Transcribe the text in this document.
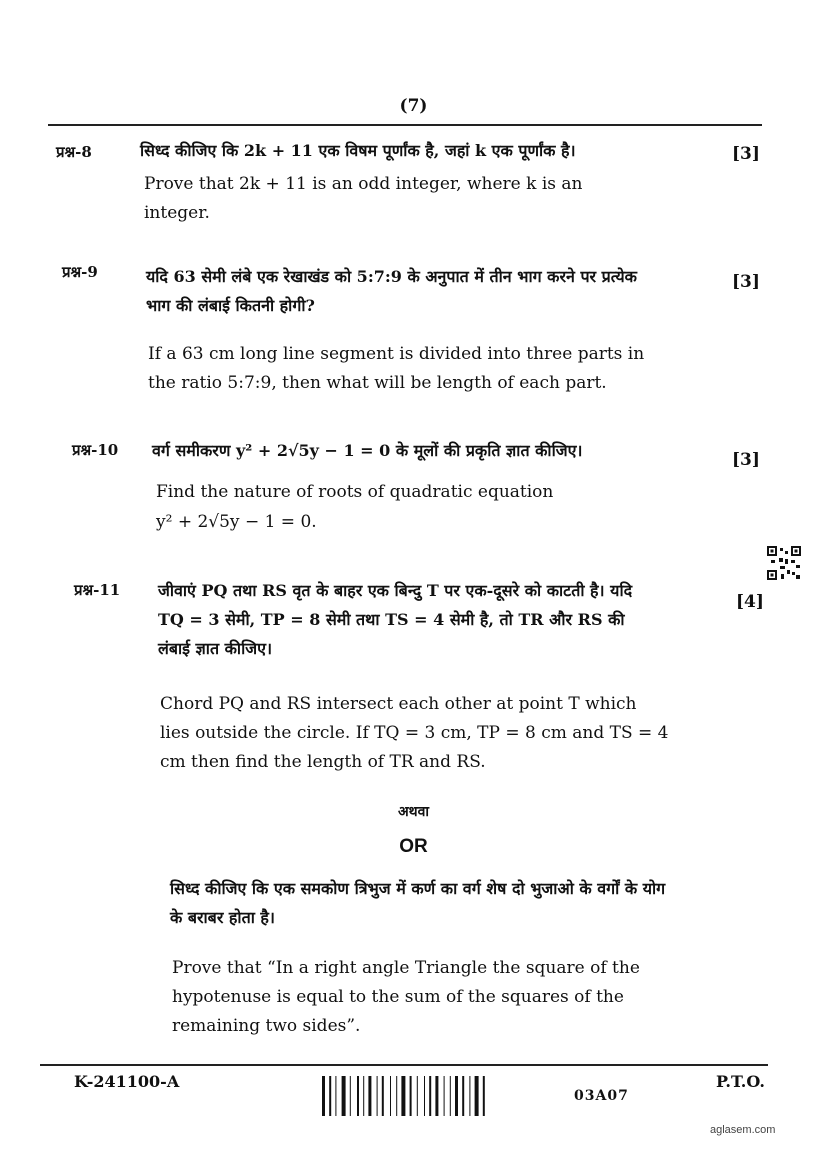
(7)
प्रश्न-8	सिध्द कीजिए कि 2k + 11 एक विषम पूर्णांक है, जहां k एक पूर्णांक है।
Prove that 2k + 11 is an odd integer, where k is an integer.
[3]
प्रश्न-9	यदि 63 सेमी लंबे एक रेखाखंड को 5:7:9 के अनुपात में तीन भाग करने पर प्रत्येक भाग की लंबाई कितनी होगी?
If a 63 cm long line segment is divided into three parts in the ratio 5:7:9, then what will be length of each part.
[3]
प्रश्न-10 वर्ग समीकरण y² + 2√5y − 1 = 0 के मूलों की प्रकृति ज्ञात कीजिए।
Find the nature of roots of quadratic equation
y² + 2√5y − 1 = 0.
[3]
प्रश्न-11 जीवाएं PQ तथा RS वृत के बाहर एक बिन्दु T पर एक-दूसरे को काटती है। यदि TQ = 3 सेमी, TP = 8 सेमी तथा TS = 4 सेमी है, तो TR और RS की लंबाई ज्ञात कीजिए।
Chord PQ and RS intersect each other at point T which lies outside the circle. If TQ = 3 cm, TP = 8 cm and TS = 4 cm then find the length of TR and RS.
[4]
अथवा
OR
सिध्द कीजिए कि एक समकोण त्रिभुज में कर्ण का वर्ग शेष दो भुजाओ के वर्गों के योग के बराबर होता है।
Prove that “In a right angle Triangle the square of the hypotenuse is equal to the sum of the squares of the remaining two sides”.
K-241100-A
03A07
P.T.O.
aglasem.com
